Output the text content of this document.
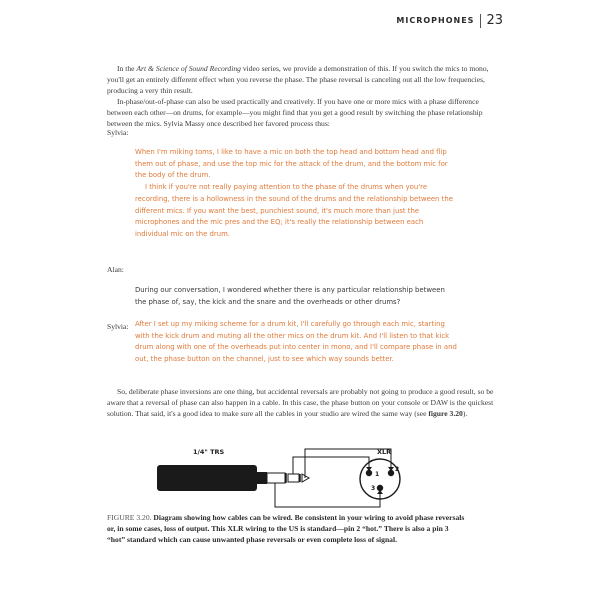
MICROPHONES 23

In the Art & Science of Sound Recording video series, we provide a demonstration of this. If you switch the mics to mono, you'll get an entirely different effect when you reverse the phase. The phase reversal is canceling out all the low frequencies, producing a very thin result.

In-phase/out-of-phase can also be used practically and creatively. If you have one or more mics with a phase difference between each other—on drums, for example—you might find that you get a good result by switching the phase relationship between the mics. Sylvia Massy once described her favored process thus:

Sylvia:

When I'm miking toms, I like to have a mic on both the top head and bottom head and flip them out of phase, and use the top mic for the attack of the drum, and the bottom mic for the body of the drum.

I think if you're not really paying attention to the phase of the drums when you're recording, there is a hollowness in the sound of the drums and the relationship between the different mics. If you want the best, punchiest sound, it's much more than just the microphones and the mic pres and the EQ; it's really the relationship between each individual mic on the drum.

Alan:

During our conversation, I wondered whether there is any particular relationship between the phase of, say, the kick and the snare and the overheads or other drums?

Sylvia: After I set up my miking scheme for a drum kit, I'll carefully go through each mic, starting with the kick drum and muting all the other mics on the drum kit. And I'll listen to that kick drum along with one of the overheads put into center in mono, and I'll compare phase in and out, the phase button on the channel, just to see which way sounds better.

So, deliberate phase inversions are one thing, but accidental reversals are probably not going to produce a good result, so be aware that a reversal of phase can also happen in a cable. In this case, the phase button on your console or DAW is the quickest solution. That said, it's a good idea to make sure all the cables in your studio are wired the same way (see figure 3.20).

1/4" TRS	XLR
1
2
3
FIGURE 3.20. Diagram showing how cables can be wired. Be consistent in your wiring to avoid phase reversals or, in some cases, loss of output. This XLR wiring to the US is standard—pin 2 “hot.” There is also a pin 3 “hot” standard which can cause unwanted phase reversals or even complete loss of signal.
